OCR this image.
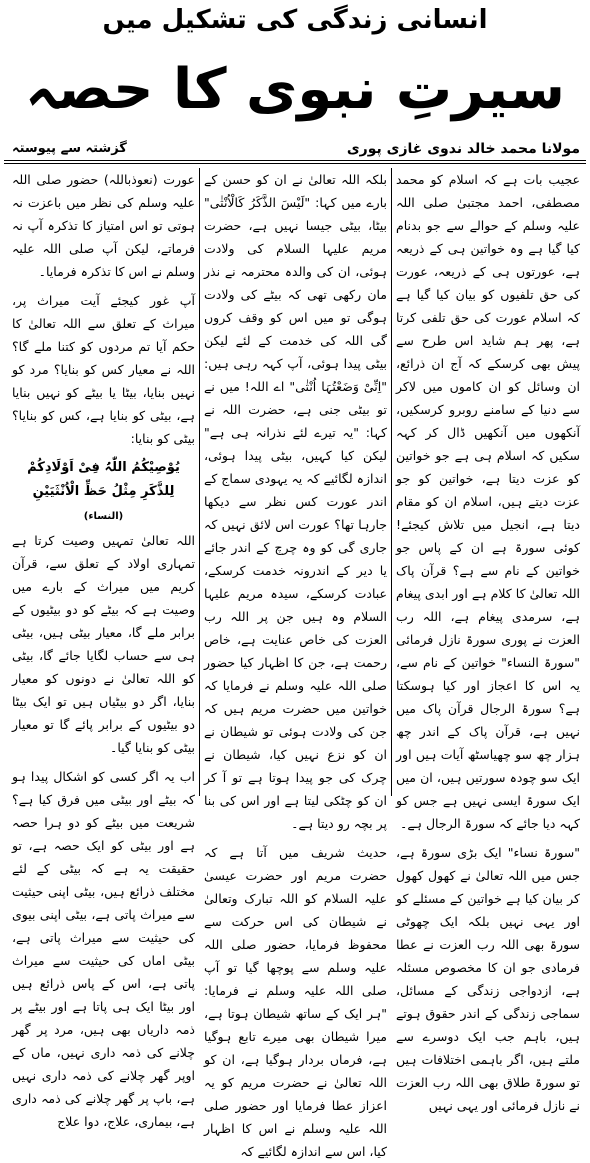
انسانی زندگی کی تشکیل میں
سیرتِ نبوی کا حصہ
مولانا محمد خالد ندوی غازی پوری
گزشتہ سے پیوستہ

عجیب بات ہے کہ اسلام کو محمد مصطفی، احمد مجتبیٰ صلی اللہ علیہ وسلم کے حوالے سے جو بدنام کیا گیا ہے وہ خواتین ہی کے ذریعہ ہے، عورتوں ہی کے ذریعہ، عورت کی حق تلفیوں کو بیان کیا گیا ہے کہ اسلام عورت کی حق تلفی کرتا ہے، پھر ہم شاید اس طرح سے پیش بھی کرسکے کہ آج ان ذرائع، ان وسائل کو ان کاموں میں لاکر سے دنیا کے سامنے روبرو کرسکیں، آنکھوں میں آنکھیں ڈال کر کہہ سکیں کہ اسلام ہی ہے جو خواتین کو عزت دیتا ہے، خواتین کو جو عزت دیتے ہیں، اسلام ان کو مقام دیتا ہے، انجیل میں تلاش کیجئے! کوئی سورۃ ہے ان کے پاس جو خواتین کے نام سے ہے؟ قرآن پاک اللہ تعالیٰ کا کلام ہے اور ابدی پیغام ہے، سرمدی پیغام ہے، اللہ رب العزت نے پوری سورۃ نازل فرمائی "سورۃ النساء" خواتین کے نام سے، یہ اس کا اعجاز اور کیا ہوسکتا ہے؟ سورۃ الرجال قرآن پاک میں نہیں ہے، قرآن پاک کے اندر چھ ہزار چھ سو چھیاسٹھ آیات ہیں اور ایک سو چودہ سورتیں ہیں، ان میں ایک سورۃ ایسی نہیں ہے جس کو کہہ دیا جائے کہ سورۃ الرجال ہے۔

"سورۃ نساء" ایک بڑی سورۃ ہے، جس میں اللہ تعالیٰ نے کھول کھول کر بیان کیا ہے خواتین کے مسئلے کو اور یہی نہیں بلکہ ایک چھوٹی سورۃ بھی اللہ رب العزت نے عطا فرمادی جو ان کا مخصوص مسئلہ ہے، ازدواجی زندگی کے مسائل، سماجی زندگی کے اندر حقوق ہوتے ہیں، باہم جب ایک دوسرے سے ملتے ہیں، اگر باہمی اختلافات ہیں تو سورۃ طلاق بھی اللہ رب العزت نے نازل فرمائی اور یہی نہیں

بلکہ اللہ تعالیٰ نے ان کو حسن کے بارے میں کہا: "لَیْسَ الذَّکَرُ کَالْاُنْثٰی" بیٹا، بیٹی جیسا نہیں ہے، حضرت مریم علیہا السلام کی ولادت ہوئی، ان کی والدہ محترمہ نے نذر مان رکھی تھی کہ بیٹے کی ولادت ہوگی تو میں اس کو وقف کروں گی اللہ کی خدمت کے لئے لیکن بیٹی پیدا ہوئی، آپ کہہ رہی ہیں: "اِنِّیْ وَضَعْتُہَا اُنْثٰی" اے اللہ! میں نے تو بیٹی جنی ہے، حضرت اللہ نے کہا: "یہ تیرے لئے نذرانہ ہی ہے" لیکن کیا کہیں، بیٹی پیدا ہوئی، اندازہ لگائیے کہ یہ یہودی سماج کے اندر عورت کس نظر سے دیکھا جارہا تھا؟ عورت اس لائق نہیں کہ جاری گی کو وہ چرچ کے اندر جائے یا دیر کے اندرونہ خدمت کرسکے، عبادت کرسکے، سیدہ مریم علیہا السلام وہ ہیں جن پر اللہ رب العزت کی خاص عنایت ہے، خاص رحمت ہے، جن کا اظہار کیا حضور صلی اللہ علیہ وسلم نے فرمایا کہ خواتین میں حضرت مریم ہیں کہ جن کی ولادت ہوئی تو شیطان نے ان کو نزع نہیں کیا، شیطان نے چرک کی جو پیدا ہوتا ہے تو آ کر ان کو چٹکی لیتا ہے اور اس کی بنا پر بچہ رو دیتا ہے۔

حدیث شریف میں آتا ہے کہ حضرت مریم اور حضرت عیسیٰ علیہ السلام کو اللہ تبارک وتعالیٰ نے شیطان کی اس حرکت سے محفوظ فرمایا، حضور صلی اللہ علیہ وسلم سے پوچھا گیا تو آپ صلی اللہ علیہ وسلم نے فرمایا: "ہر ایک کے ساتھ شیطان ہوتا ہے، میرا شیطان بھی میرے تابع ہوگیا ہے، فرماں بردار ہوگیا ہے، ان کو اللہ تعالیٰ نے حضرت مریم کو یہ اعزاز عطا فرمایا اور حضور صلی اللہ علیہ وسلم نے اس کا اظہار کیا، اس سے اندازہ لگائیے کہ

عورت (نعوذباللہ) حضور صلی اللہ علیہ وسلم کی نظر میں باعزت نہ ہوتی تو اس امتیاز کا تذکرہ آپ نہ فرماتے، لیکن آپ صلی اللہ علیہ وسلم نے اس کا تذکرہ فرمایا۔

آپ غور کیجئے آیت میراث پر، میراث کے تعلق سے اللہ تعالیٰ کا حکم آیا تم مردوں کو کتنا ملے گا؟ اللہ نے معیار کس کو بنایا؟ مرد کو نہیں بنایا، بیٹا یا بیٹے کو نہیں بنایا ہے، بیٹی کو بنایا ہے، کس کو بنایا؟ بیٹی کو بنایا:

یُوْصِیْکُمُ اللّٰہُ فِیْ اَوْلَادِکُمْ
لِلذَّکَرِ مِثْلُ حَظِّ الْاُنْثَیَیْنِ (النساء)

اللہ تعالیٰ تمہیں وصیت کرتا ہے تمہاری اولاد کے تعلق سے، قرآن کریم میں میراث کے بارے میں وصیت ہے کہ بیٹے کو دو بیٹیوں کے برابر ملے گا، معیار بیٹی ہیں، بیٹی ہی سے حساب لگایا جائے گا، بیٹی کو اللہ تعالیٰ نے دونوں کو معیار بنایا، اگر دو بیٹیاں ہیں تو ایک بیٹا دو بیٹیوں کے برابر پائے گا تو معیار بیٹی کو بنایا گیا۔

اب یہ اگر کسی کو اشکال پیدا ہو کہ بیٹے اور بیٹی میں فرق کیا ہے؟ شریعت میں بیٹے کو دو ہرا حصہ ہے اور بیٹی کو ایک حصہ ہے، تو حقیقت یہ ہے کہ بیٹی کے لئے مختلف ذرائع ہیں، بیٹی اپنی حیثیت سے میراث پاتی ہے، بیٹی اپنی بیوی کی حیثیت سے میراث پاتی ہے، بیٹی اماں کی حیثیت سے میراث پاتی ہے، اس کے پاس ذرائع ہیں اور بیٹا ایک ہی پاتا ہے اور بیٹے پر ذمہ داریاں بھی ہیں، مرد پر گھر چلانے کی ذمہ داری نہیں، ماں کے اوپر گھر چلانے کی ذمہ داری نہیں ہے، باپ پر گھر چلانے کی ذمہ داری ہے، بیماری، علاج، دوا علاج
